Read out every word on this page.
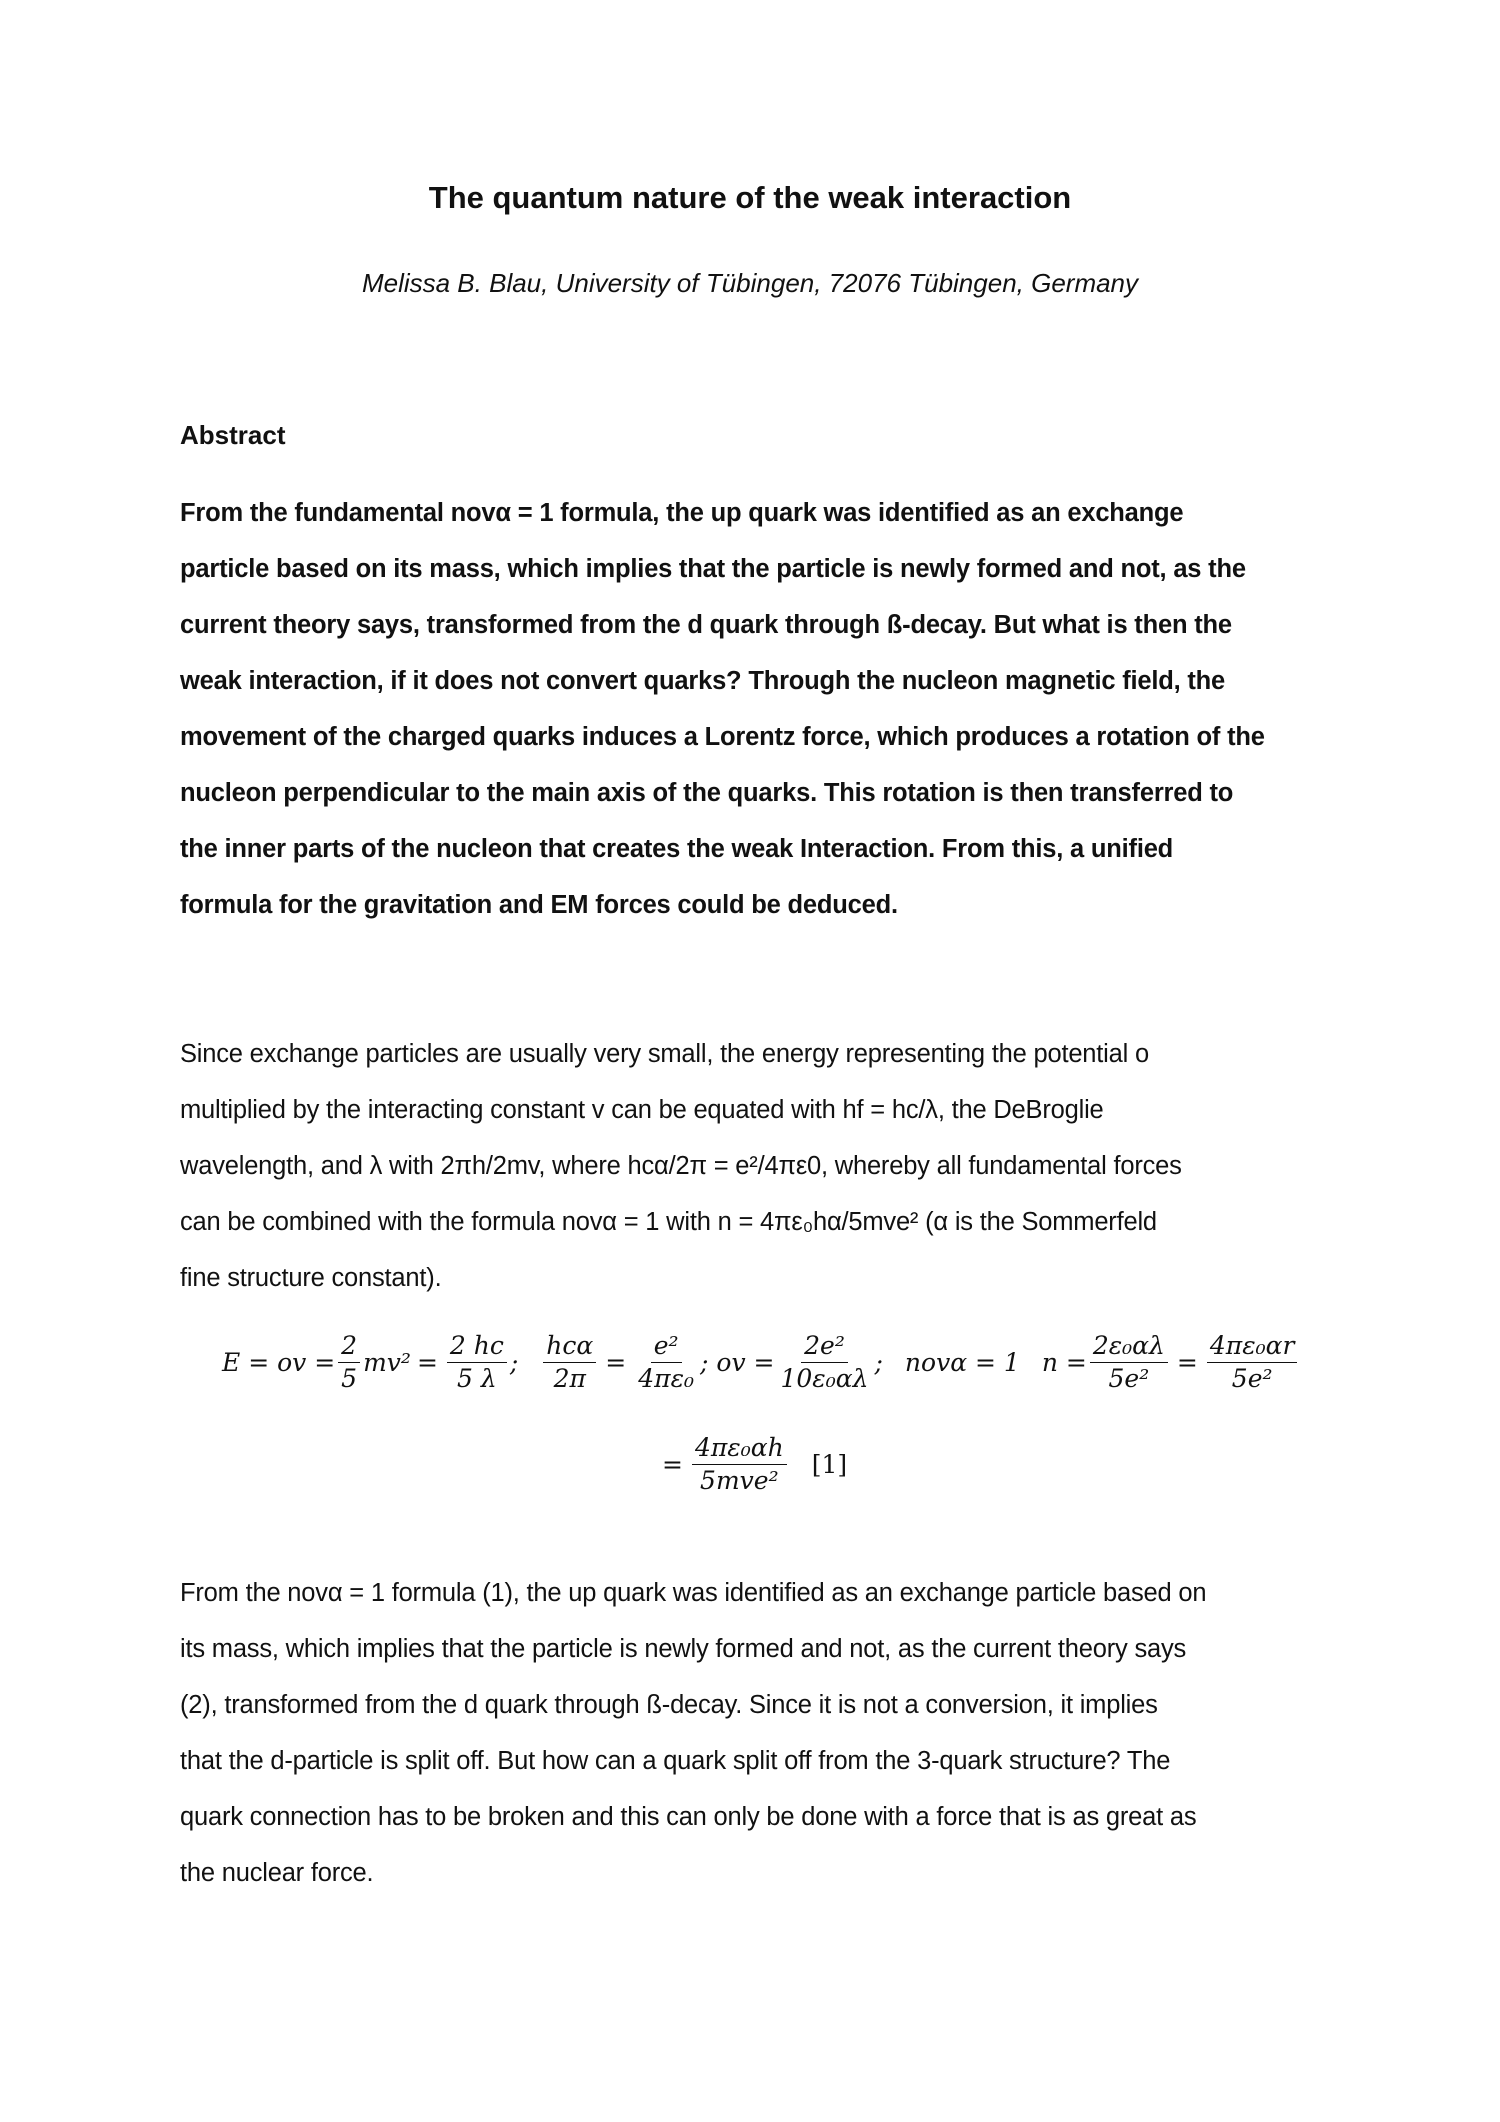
The quantum nature of the weak interaction
Melissa B. Blau, University of Tübingen, 72076 Tübingen, Germany
Abstract
From the fundamental novα = 1 formula, the up quark was identified as an exchange
particle based on its mass, which implies that the particle is newly formed and not, as the
current theory says, transformed from the d quark through ß-decay. But what is then the
weak interaction, if it does not convert quarks? Through the nucleon magnetic field, the
movement of the charged quarks induces a Lorentz force, which produces a rotation of the
nucleon perpendicular to the main axis of the quarks. This rotation is then transferred to
the inner parts of the nucleon that creates the weak Interaction. From this, a unified
formula for the gravitation and EM forces could be deduced.
Since exchange particles are usually very small, the energy representing the potential o
multiplied by the interacting constant v can be equated with hf = hc/λ, the DeBroglie
wavelength, and λ with 2πh/2mv, where hcα/2π = e²/4πε0, whereby all fundamental forces
can be combined with the formula novα = 1 with n = 4πε₀hα/5mve² (α is the Sommerfeld
fine structure constant).
E = ov = $\frac{2}{5} mv^2 = \frac{2 hc}{5 \lambda}$ ;
hcα
2π
= $\frac{\text{e²}}{\text{4πε₀}}$ ;
ov = $\frac{\text{2e²}}{\text{10ε₀αλ}}$ ; novα = 1 $n = \frac{\text{2ε₀αλ}}{\text{5e²}} = \frac{\text{4πε₀αr}}{\text{5e²}}$
=
4πε₀αh
5mve²
[1]
From the novα = 1 formula (1), the up quark was identified as an exchange particle based on
its mass, which implies that the particle is newly formed and not, as the current theory says
(2), transformed from the d quark through ß-decay. Since it is not a conversion, it implies
that the d-particle is split off. But how can a quark split off from the 3-quark structure? The
quark connection has to be broken and this can only be done with a force that is as great as
the nuclear force.
